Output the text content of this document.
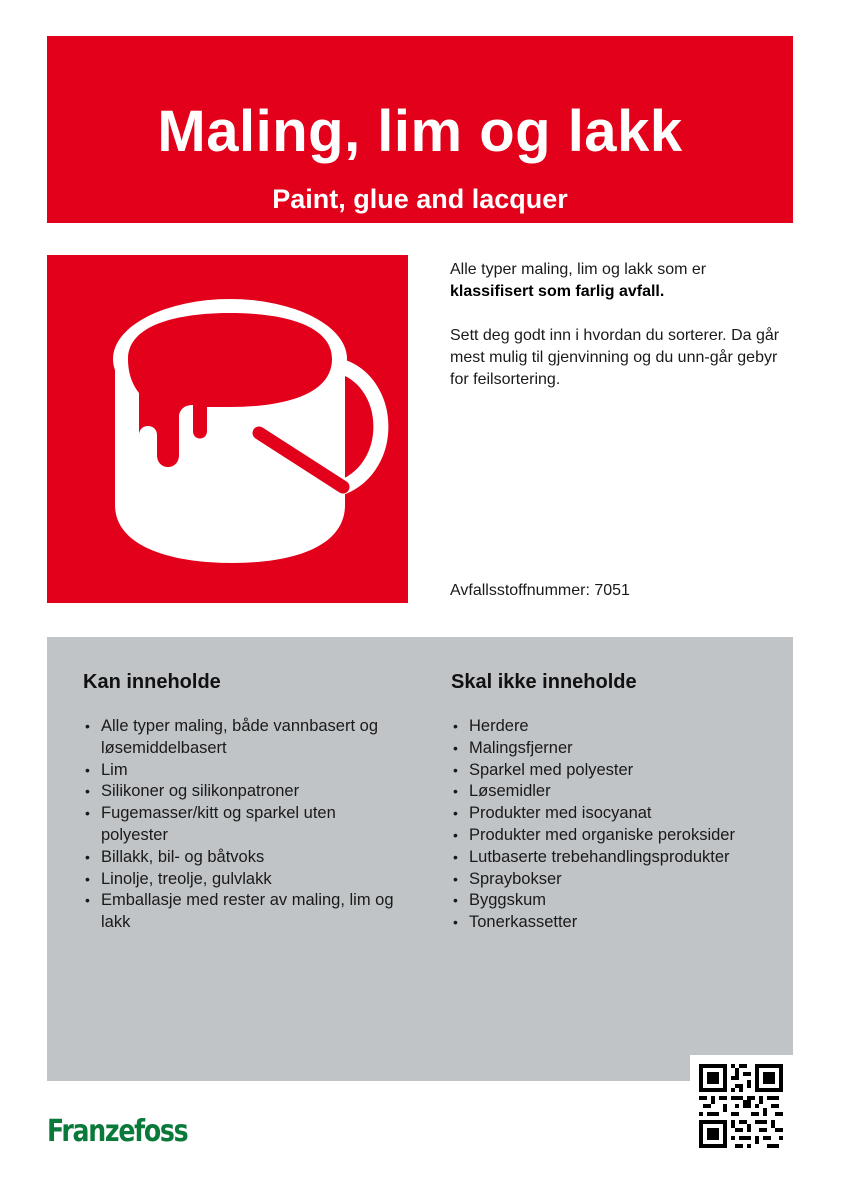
Maling, lim og lakk
Paint, glue and lacquer

Alle typer maling, lim og lakk som er
klassifisert som farlig avfall.

Sett deg godt inn i hvordan du sorterer. Da går mest mulig til gjenvinning og du unn-går gebyr for feilsortering.

Avfallsstoffnummer: 7051
Kan inneholde
• Alle typer maling, både vannbasert og løsemiddelbasert
• Lim
• Silikoner og silikonpatroner
• Fugemasser/kitt og sparkel uten polyester
• Billakk, bil- og båtvoks
• Linolje, treolje, gulvlakk
• Emballasje med rester av maling, lim og lakk
Skal ikke inneholde
• Herdere
• Malingsfjerner
• Sparkel med polyester
• Løsemidler
• Produkter med isocyanat
• Produkter med organiske peroksider
• Lutbaserte trebehandlingsprodukter
• Spraybokser
• Byggskum
• Tonerkassetter
Franzefoss
